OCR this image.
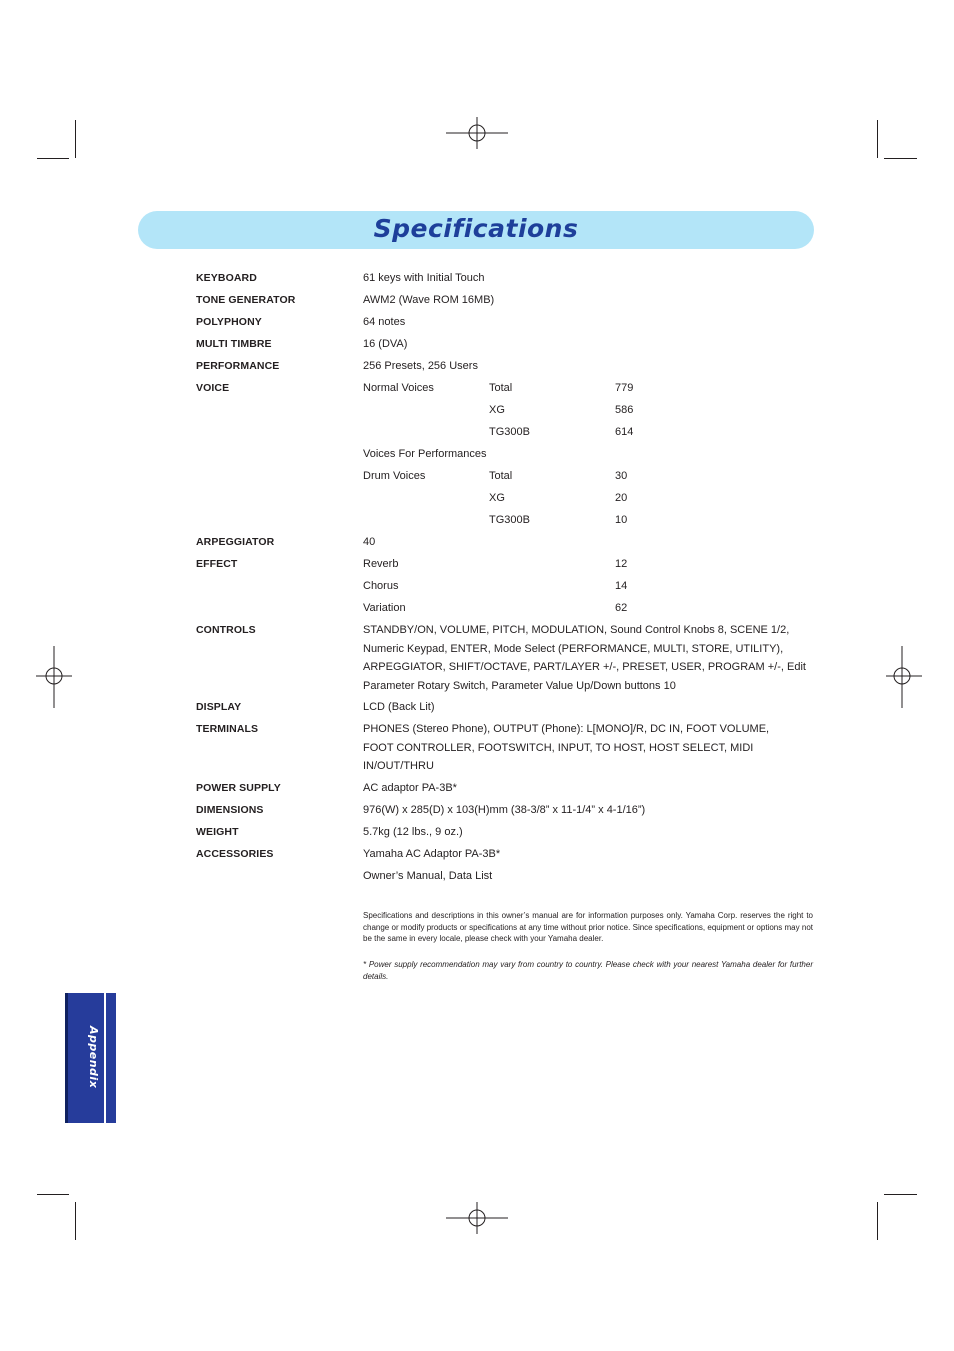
Specifications
KEYBOARD	61 keys with Initial Touch
TONE GENERATOR	AWM2 (Wave ROM 16MB)
POLYPHONY	64 notes
MULTI TIMBRE	16 (DVA)
PERFORMANCE	256 Presets, 256 Users
VOICE	Normal Voices	Total	779
XG	586
TG300B	614
Voices For Performances
Drum Voices	Total	30
XG	20
TG300B	10
ARPEGGIATOR	40
EFFECT	Reverb	12
Chorus	14
Variation	62
CONTROLS	STANDBY/ON, VOLUME, PITCH, MODULATION, Sound Control Knobs 8, SCENE 1/2,
Numeric Keypad, ENTER, Mode Select (PERFORMANCE, MULTI, STORE, UTILITY),
ARPEGGIATOR, SHIFT/OCTAVE, PART/LAYER +/-, PRESET, USER, PROGRAM +/-, Edit
Parameter Rotary Switch, Parameter Value Up/Down buttons 10
DISPLAY	LCD (Back Lit)
TERMINALS	PHONES (Stereo Phone), OUTPUT (Phone): L[MONO]/R, DC IN, FOOT VOLUME,
FOOT CONTROLLER, FOOTSWITCH, INPUT, TO HOST, HOST SELECT, MIDI
IN/OUT/THRU
POWER SUPPLY	AC adaptor PA-3B*
DIMENSIONS	976(W) x 285(D) x 103(H)mm (38-3/8” x 11-1/4” x 4-1/16”)
WEIGHT	5.7kg (12 lbs., 9 oz.)
ACCESSORIES	Yamaha AC Adaptor PA-3B*
Owner’s Manual, Data List
Specifications and descriptions in this owner’s manual are for information purposes only. Yamaha Corp. reserves the right to change or modify products or specifications at any time without prior notice. Since specifications, equipment or options may not be the same in every locale, please check with your Yamaha dealer.
* Power supply recommendation may vary from country to country. Please check with your nearest Yamaha dealer for further details.
Appendix
